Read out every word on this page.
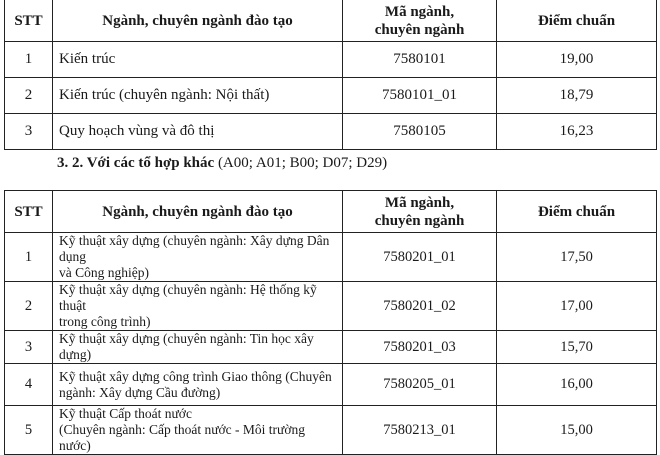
STT	Ngành, chuyên ngành đào tạo	Mã ngành,
chuyên ngành	Điểm chuẩn
1	Kiến trúc	7580101	19,00
2	Kiến trúc (chuyên ngành: Nội thất)	7580101_01	18,79
3	Quy hoạch vùng và đô thị	7580105	16,23
3. 2. Với các tổ hợp khác (A00; A01; B00; D07; D29)
STT	Ngành, chuyên ngành đào tạo	Mã ngành,
chuyên ngành	Điểm chuẩn
1	Kỹ thuật xây dựng (chuyên ngành: Xây dựng Dân dụng
và Công nghiệp)	7580201_01	17,50
2	Kỹ thuật xây dựng (chuyên ngành: Hệ thống kỹ thuật
trong công trình)	7580201_02	17,00
3	Kỹ thuật xây dựng (chuyên ngành: Tin học xây dựng)	7580201_03	15,70
4	Kỹ thuật xây dựng công trình Giao thông (Chuyên
ngành: Xây dựng Cầu đường)	7580205_01	16,00
5	Kỹ thuật Cấp thoát nước
(Chuyên ngành: Cấp thoát nước - Môi trường nước)	7580213_01	15,00
